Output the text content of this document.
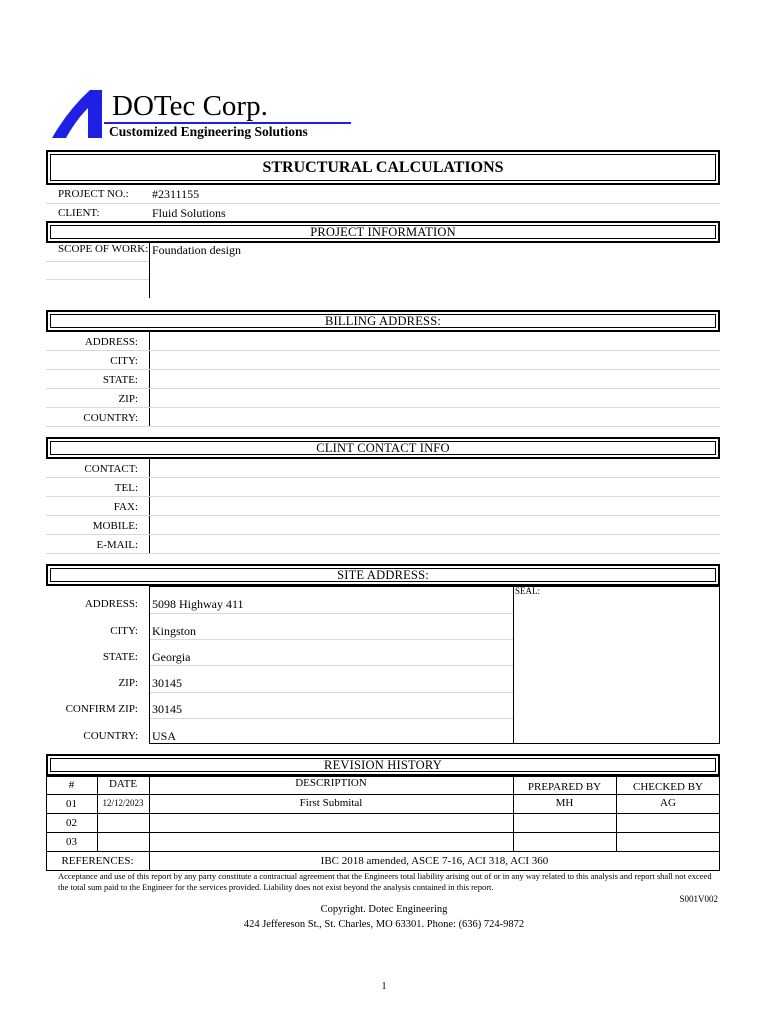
DOTec Corp.
Customized Engineering Solutions
STRUCTURAL CALCULATIONS
PROJECT NO.: #2311155
CLIENT:	Fluid Solutions
PROJECT INFORMATION
SCOPE OF WORK: Foundation design
BILLING ADDRESS:
ADDRESS:
CITY:
STATE:
ZIP:
COUNTRY:
CLINT CONTACT INFO
CONTACT:
TEL:
FAX:
MOBILE:
E-MAIL:
SITE ADDRESS:
SEAL:
ADDRESS: 5098 Highway 411
CITY: Kingston
STATE: Georgia
ZIP: 30145
CONFIRM ZIP: 30145
COUNTRY: USA
REVISION HISTORY
#	DATE	DESCRIPTION	PREPARED BY	CHECKED BY
01	12/12/2023	First Submital	MH	AG
02
03
REFERENCES:	IBC 2018 amended, ASCE 7-16, ACI 318, ACI 360
Acceptance and use of this report by any party constitute a contractual agreement that the Engineers total liability arising out of or in any way related to this analysis and report shall not exceed the total sum paid to the Engineer for the services provided. Liability does not exist beyond the analysis contained in this report.
S001V002
Copyright. Dotec Engineering
424 Jeffereson St., St. Charles, MO 63301. Phone: (636) 724-9872
1
